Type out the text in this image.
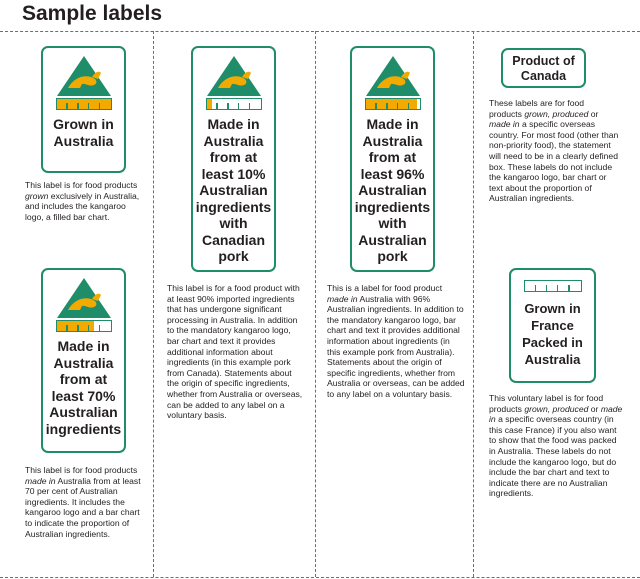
Sample labels
Grown in
Australia

This label is for food products grown exclusively in Australia, and includes the kangaroo logo, a filled bar chart.

Made in
Australia
from at
least 70%
Australian
ingredients

This label is for food products made in Australia from at least 70 per cent of Australian ingredients. It includes the kangaroo logo and a bar chart to indicate the proportion of Australian ingredients.

Made in
Australia
from at
least 10%
Australian
ingredients
with
Canadian
pork

This label is for a food product with at least 90% imported ingredients that has undergone significant processing in Australia. In addition to the mandatory kangaroo logo, bar chart and text it provides additional information about ingredients (in this example pork from Canada). Statements about the origin of specific ingredients, whether from Australia or overseas, can be added to any label on a voluntary basis.

Made in
Australia
from at
least 96%
Australian
ingredients
with
Australian
pork

This is a label for food product made in Australia with 96% Australian ingredients. In addition to the mandatory kangaroo logo, bar chart and text it provides additional information about ingredients (in this example pork from Australia). Statements about the origin of specific ingredients, whether from Australia or overseas, can be added to any label on a voluntary basis.

Product of
Canada

These labels are for food products grown, produced or made in a specific overseas country. For most food (other than non-priority food), the statement will need to be in a clearly defined box. These labels do not include the kangaroo logo, bar chart or text about the proportion of Australian ingredients.

Grown in
France
Packed in
Australia

This voluntary label is for food products grown, produced or made in a specific overseas country (in this case France) if you also want to show that the food was packed in Australia. These labels do not include the kangaroo logo, but do include the bar chart and text to indicate there are no Australian ingredients.
